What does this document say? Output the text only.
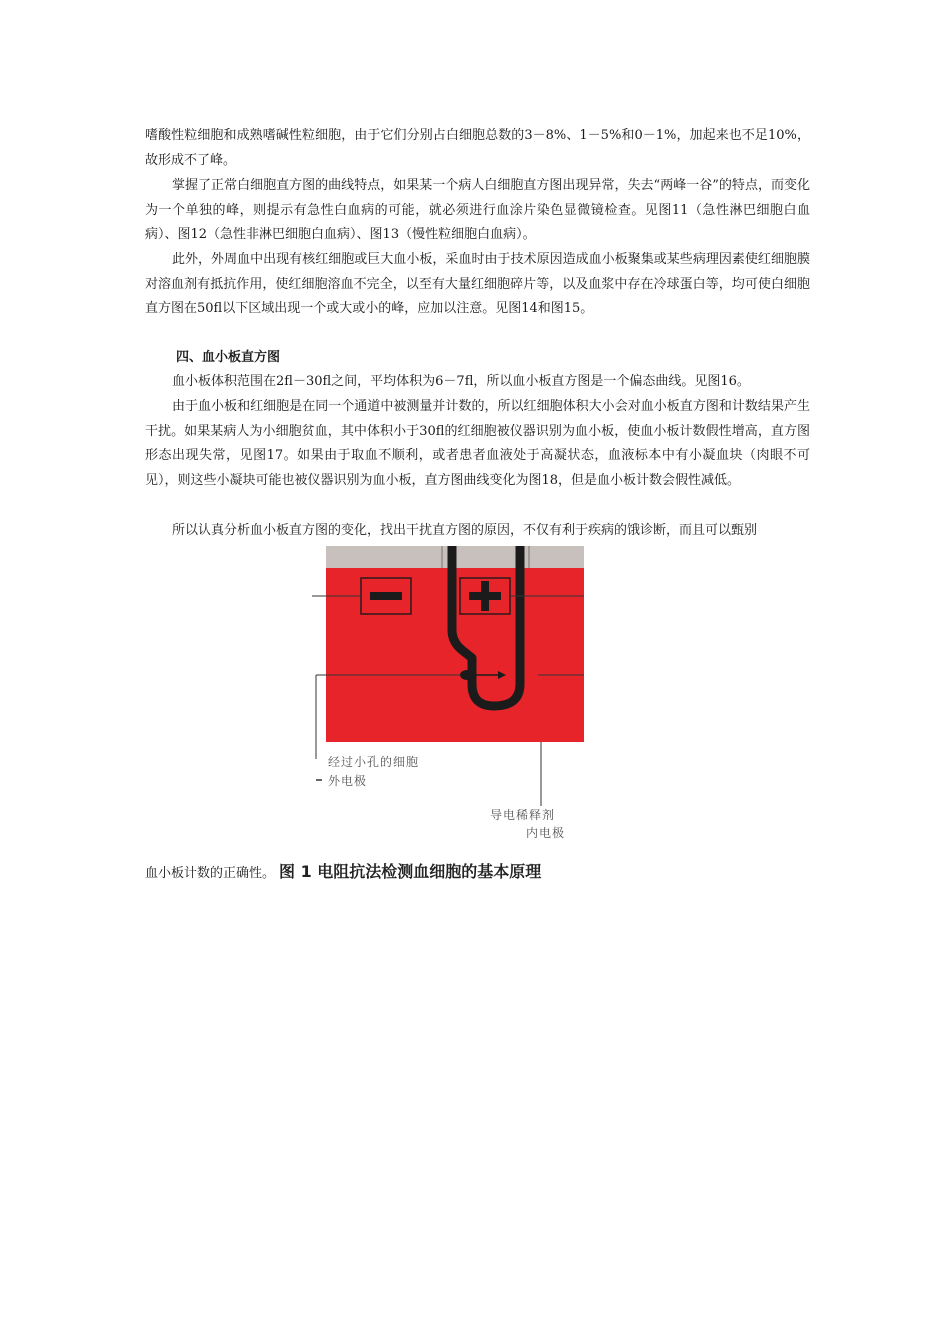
嗜酸性粒细胞和成熟嗜碱性粒细胞，由于它们分别占白细胞总数的3－8%、1－5%和0－1%，加起来也不足10%，故形成不了峰。

掌握了正常白细胞直方图的曲线特点，如果某一个病人白细胞直方图出现异常，失去“两峰一谷”的特点，而变化为一个单独的峰，则提示有急性白血病的可能，就必须进行血涂片染色显微镜检查。见图11（急性淋巴细胞白血病）、图12（急性非淋巴细胞白血病）、图13（慢性粒细胞白血病）。

此外，外周血中出现有核红细胞或巨大血小板，采血时由于技术原因造成血小板聚集或某些病理因素使红细胞膜对溶血剂有抵抗作用，使红细胞溶血不完全，以至有大量红细胞碎片等，以及血浆中存在冷球蛋白等，均可使白细胞直方图在50fl以下区域出现一个或大或小的峰，应加以注意。见图14和图15。

四、血小板直方图

血小板体积范围在2fl－30fl之间，平均体积为6－7fl，所以血小板直方图是一个偏态曲线。见图16。

由于血小板和红细胞是在同一个通道中被测量并计数的，所以红细胞体积大小会对血小板直方图和计数结果产生干扰。如果某病人为小细胞贫血，其中体积小于30fl的红细胞被仪器识别为血小板，使血小板计数假性增高，直方图形态出现失常，见图17。如果由于取血不顺利，或者患者血液处于高凝状态，血液标本中有小凝血块（肉眼不可见），则这些小凝块可能也被仪器识别为血小板，直方图曲线变化为图18，但是血小板计数会假性减低。

所以认真分析血小板直方图的变化，找出干扰直方图的原因，不仅有利于疾病的饿诊断，而且可以甄别

经过小孔的细胞
外电极
导电稀释剂
内电极
血小板计数的正确性。 图 1 电阻抗法检测血细胞的基本原理
